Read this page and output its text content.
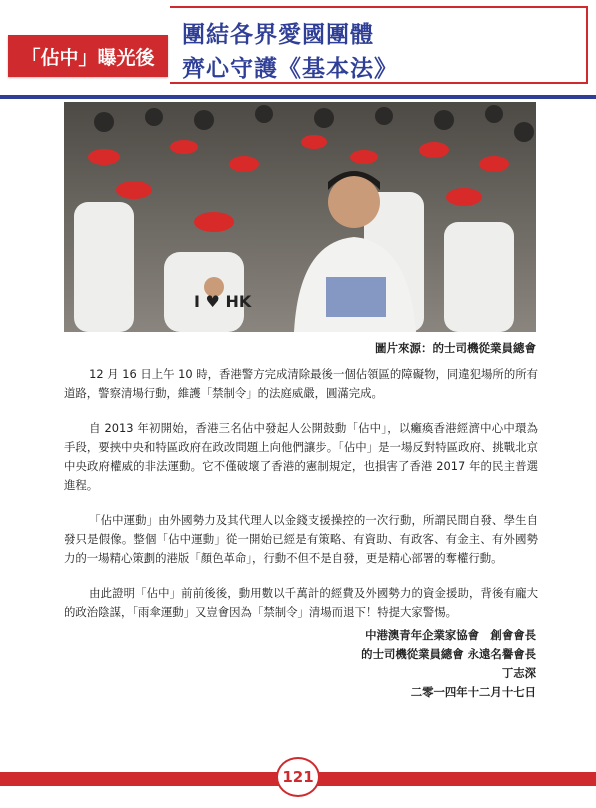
「佔中」曝光後
團結各界愛國團體
齊心守護《基本法》
I ♥ HK
圖片來源：的士司機從業員總會

12 月 16 日上午 10 時，香港警方完成清除最後一個佔領區的障礙物，同違犯場所的所有道路，警察清場行動，維護「禁制令」的法庭威嚴，圓滿完成。

自 2013 年初開始，香港三名佔中發起人公開鼓動「佔中」，以癱瘓香港經濟中心中環為手段，要挾中央和特區政府在政改問題上向他們讓步。「佔中」是一場反對特區政府、挑戰北京中央政府權威的非法運動。它不僅破壞了香港的憲制規定，也損害了香港 2017 年的民主普選進程。

「佔中運動」由外國勢力及其代理人以金錢支援操控的一次行動，所謂民間自發、學生自發只是假像。整個「佔中運動」從一開始已經是有策略、有資助、有政客、有金主、有外國勢力的一場精心策劃的港版「顏色革命」，行動不但不是自發，更是精心部署的奪權行動。

由此證明「佔中」前前後後，動用數以千萬計的經費及外國勢力的資金援助，背後有龐大的政治陰謀，「雨傘運動」又豈會因為「禁制令」清場而退下！特提大家警惕。

中港澳青年企業家協會　創會會長
的士司機從業員總會 永遠名譽會長
丁志深
二零一四年十二月十七日
121
